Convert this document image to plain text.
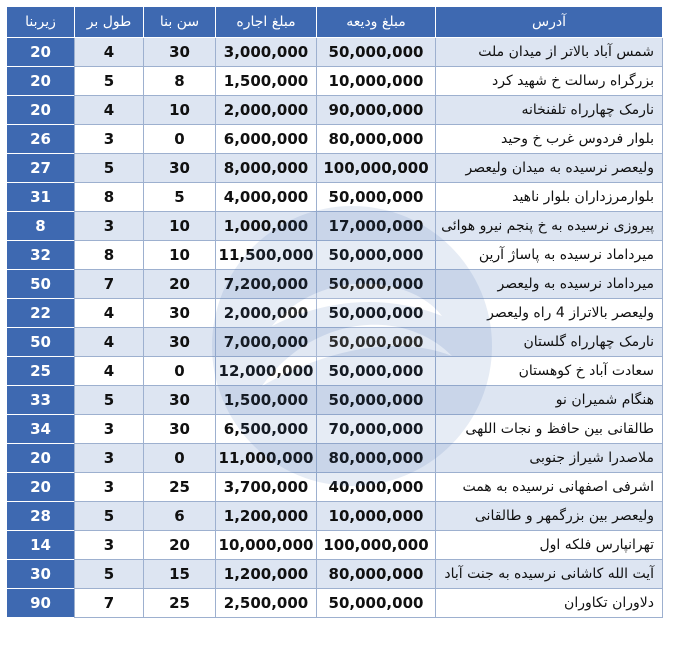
آدرس	مبلغ ودیعه	مبلغ اجاره	سن بنا	طول بر	زیربنا
شمس آباد بالاتر از میدان ملت	50,000,000	3,000,000	30	4	20
بزرگراه رسالت خ شهید کرد	10,000,000	1,500,000	8	5	20
نارمک چهارراه تلفنخانه	90,000,000	2,000,000	10	4	20
بلوار فردوس غرب خ وحید	80,000,000	6,000,000	0	3	26
ولیعصر نرسیده به میدان ولیعصر	100,000,000	8,000,000	30	5	27
بلوارمرزداران بلوار ناهید	50,000,000	4,000,000	5	8	31
پیروزی نرسیده به خ پنجم نیرو هوائی	17,000,000	1,000,000	10	3	8
میرداماد نرسیده به پاساژ آرین	50,000,000	11,500,000	10	8	32
میرداماد نرسیده به ولیعصر	50,000,000	7,200,000	20	7	50
ولیعصر بالاتراز 4 راه ولیعصر	50,000,000	2,000,000	30	4	22
نارمک چهارراه گلستان	50,000,000	7,000,000	30	4	50
سعادت آباد خ کوهستان	50,000,000	12,000,000	0	4	25
هنگام شمیران نو	50,000,000	1,500,000	30	5	33
طالقانی بین حافظ و نجات اللهی	70,000,000	6,500,000	30	3	34
ملاصدرا شیراز جنوبی	80,000,000	11,000,000	0	3	20
اشرفی اصفهانی نرسیده به همت	40,000,000	3,700,000	25	3	20
ولیعصر بین بزرگمهر و طالقانی	10,000,000	1,200,000	6	5	28
تهرانپارس فلکه اول	100,000,000	10,000,000	20	3	14
آیت الله کاشانی نرسیده به جنت آباد	80,000,000	1,200,000	15	5	30
دلاوران تکاوران	50,000,000	2,500,000	25	7	90
